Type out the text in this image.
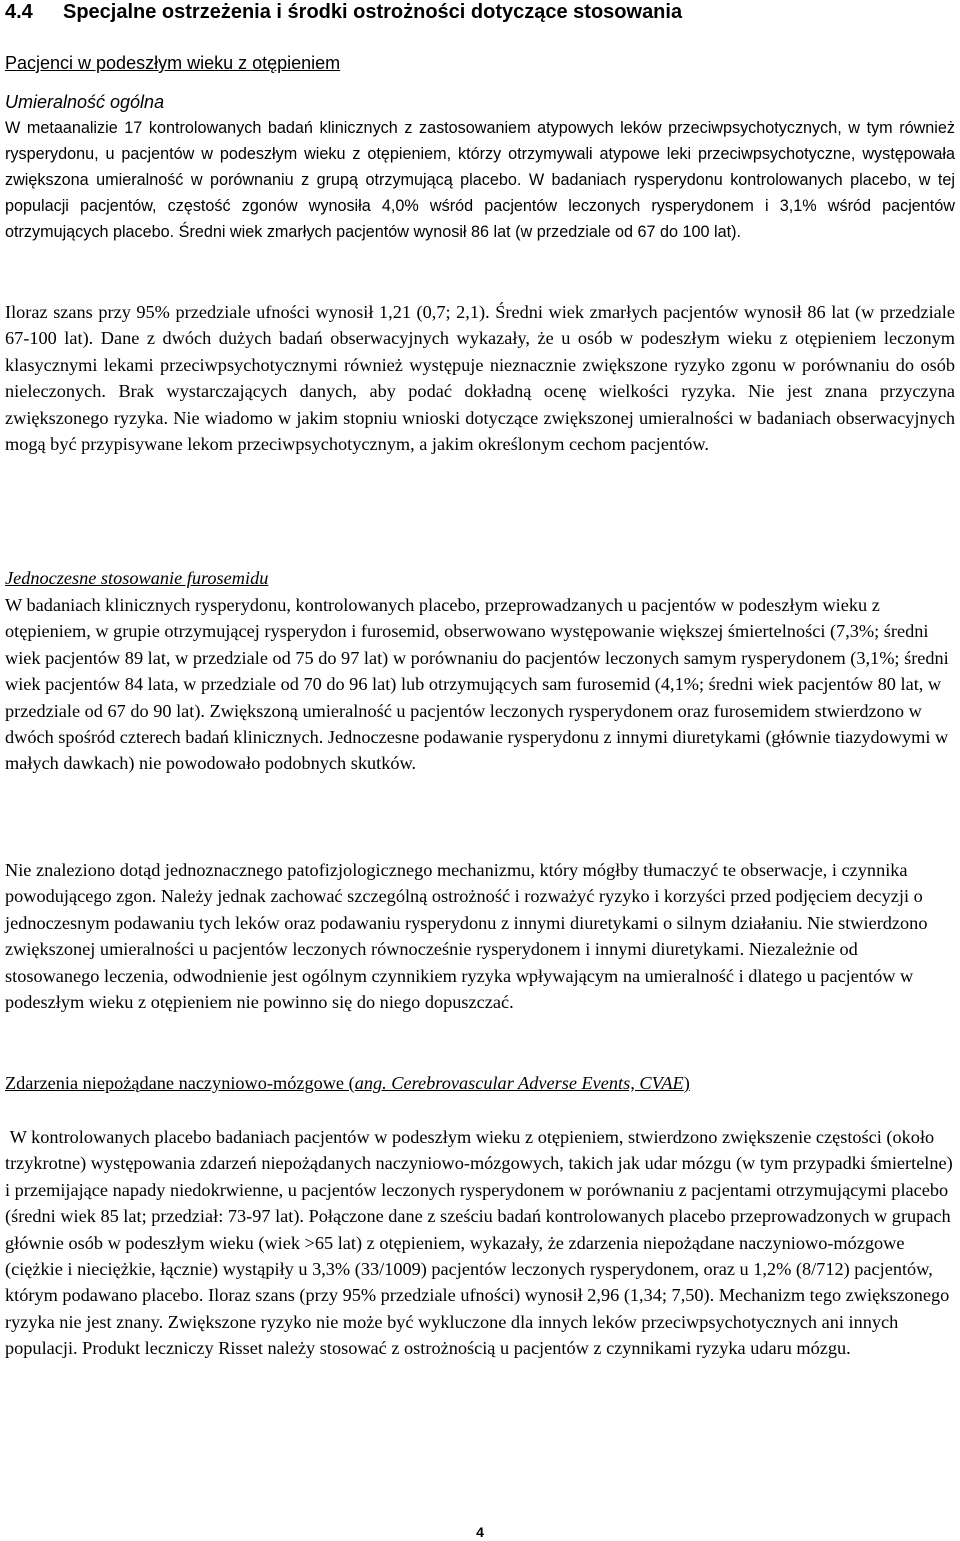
4.4 Specjalne ostrzeżenia i środki ostrożności dotyczące stosowania
Pacjenci w podeszłym wieku z otępieniem
Umieralność ogólna

W metaanalizie 17 kontrolowanych badań klinicznych z zastosowaniem atypowych leków przeciwpsychotycznych, w tym również rysperydonu, u pacjentów w podeszłym wieku z otępieniem, którzy otrzymywali atypowe leki przeciwpsychotyczne, występowała zwiększona umieralność w porównaniu z grupą otrzymującą placebo. W badaniach rysperydonu kontrolowanych placebo, w tej populacji pacjentów, częstość zgonów wynosiła 4,0% wśród pacjentów leczonych rysperydonem i 3,1% wśród pacjentów otrzymujących placebo. Średni wiek zmarłych pacjentów wynosił 86 lat (w przedziale od 67 do 100 lat).

Iloraz szans przy 95% przedziale ufności wynosił 1,21 (0,7; 2,1). Średni wiek zmarłych pacjentów wynosił 86 lat (w przedziale 67-100 lat). Dane z dwóch dużych badań obserwacyjnych wykazały, że u osób w podeszłym wieku z otępieniem leczonym klasycznymi lekami przeciwpsychotycznymi również występuje nieznacznie zwiększone ryzyko zgonu w porównaniu do osób nieleczonych. Brak wystarczających danych, aby podać dokładną ocenę wielkości ryzyka. Nie jest znana przyczyna zwiększonego ryzyka. Nie wiadomo w jakim stopniu wnioski dotyczące zwiększonej umieralności w badaniach obserwacyjnych mogą być przypisywane lekom przeciwpsychotycznym, a jakim określonym cechom pacjentów.

Jednoczesne stosowanie furosemidu

W badaniach klinicznych rysperydonu, kontrolowanych placebo, przeprowadzanych u pacjentów w podeszłym wieku z otępieniem, w grupie otrzymującej rysperydon i furosemid, obserwowano występowanie większej śmiertelności (7,3%; średni wiek pacjentów 89 lat, w przedziale od 75 do 97 lat) w porównaniu do pacjentów leczonych samym rysperydonem (3,1%; średni wiek pacjentów 84 lata, w przedziale od 70 do 96 lat) lub otrzymujących sam furosemid (4,1%; średni wiek pacjentów 80 lat, w przedziale od 67 do 90 lat). Zwiększoną umieralność u pacjentów leczonych rysperydonem oraz furosemidem stwierdzono w dwóch spośród czterech badań klinicznych. Jednoczesne podawanie rysperydonu z innymi diuretykami (głównie tiazydowymi w małych dawkach) nie powodowało podobnych skutków.

Nie znaleziono dotąd jednoznacznego patofizjologicznego mechanizmu, który mógłby tłumaczyć te obserwacje, i czynnika powodującego zgon. Należy jednak zachować szczególną ostrożność i rozważyć ryzyko i korzyści przed podjęciem decyzji o jednoczesnym podawaniu tych leków oraz podawaniu rysperydonu z innymi diuretykami o silnym działaniu. Nie stwierdzono zwiększonej umieralności u pacjentów leczonych równocześnie rysperydonem i innymi diuretykami. Niezależnie od stosowanego leczenia, odwodnienie jest ogólnym czynnikiem ryzyka wpływającym na umieralność i dlatego u pacjentów w podeszłym wieku z otępieniem nie powinno się do niego dopuszczać.

Zdarzenia niepożądane naczyniowo-mózgowe (ang. Cerebrovascular Adverse Events, CVAE)

W kontrolowanych placebo badaniach pacjentów w podeszłym wieku z otępieniem, stwierdzono zwiększenie częstości (około trzykrotne) występowania zdarzeń niepożądanych naczyniowo-mózgowych, takich jak udar mózgu (w tym przypadki śmiertelne) i przemijające napady niedokrwienne, u pacjentów leczonych rysperydonem w porównaniu z pacjentami otrzymującymi placebo (średni wiek 85 lat; przedział: 73-97 lat). Połączone dane z sześciu badań kontrolowanych placebo przeprowadzonych w grupach głównie osób w podeszłym wieku (wiek >65 lat) z otępieniem, wykazały, że zdarzenia niepożądane naczyniowo-mózgowe (ciężkie i nieciężkie, łącznie) wystąpiły u 3,3% (33/1009) pacjentów leczonych rysperydonem, oraz u 1,2% (8/712) pacjentów, którym podawano placebo. Iloraz szans (przy 95% przedziale ufności) wynosił 2,96 (1,34; 7,50). Mechanizm tego zwiększonego ryzyka nie jest znany. Zwiększone ryzyko nie może być wykluczone dla innych leków przeciwpsychotycznych ani innych populacji. Produkt leczniczy Risset należy stosować z ostrożnością u pacjentów z czynnikami ryzyka udaru mózgu.

4
